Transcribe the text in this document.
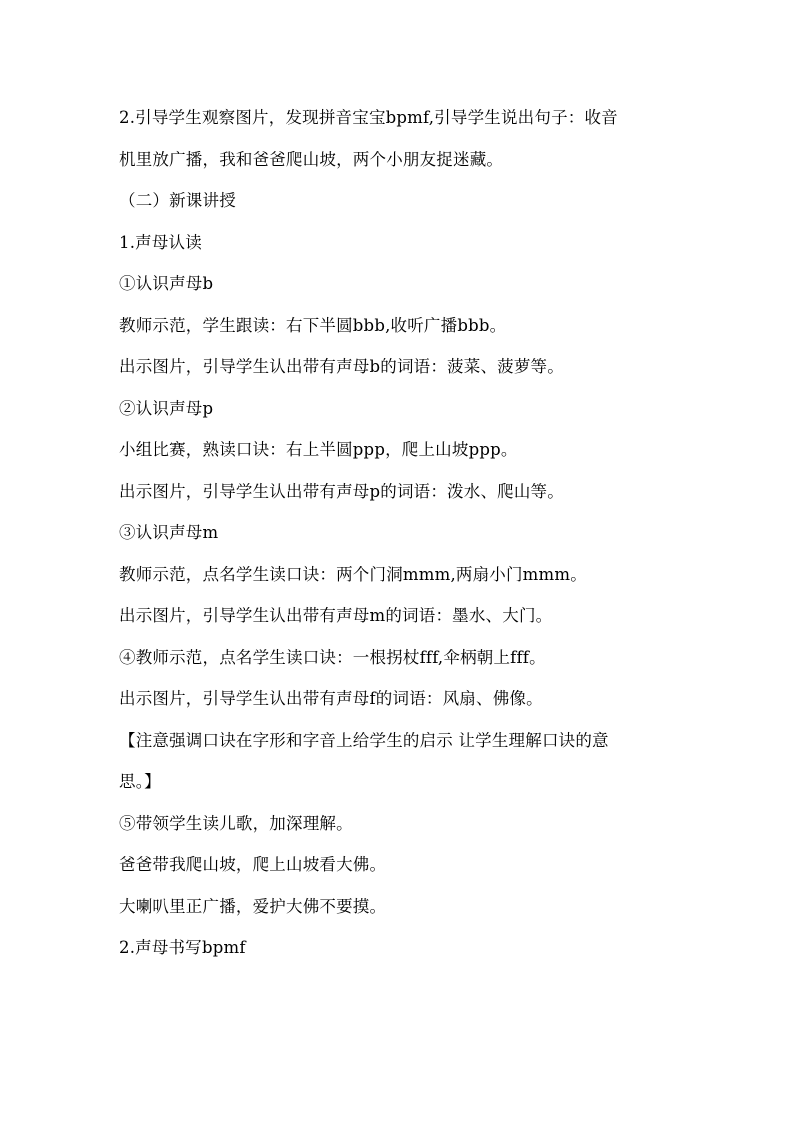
2.引导学生观察图片，发现拼音宝宝bpmf,引导学生说出句子：收音
机里放广播，我和爸爸爬山坡，两个小朋友捉迷藏。
（二）新课讲授
1.声母认读
①认识声母b
教师示范，学生跟读：右下半圆bbb,收听广播bbb。
出示图片，引导学生认出带有声母b的词语：菠菜、菠萝等。
②认识声母p
小组比赛，熟读口诀：右上半圆ppp，爬上山坡ppp。
出示图片，引导学生认出带有声母p的词语：泼水、爬山等。
③认识声母m
教师示范，点名学生读口诀：两个门洞mmm,两扇小门mmm。
出示图片，引导学生认出带有声母m的词语：墨水、大门。
④教师示范，点名学生读口诀：一根拐杖fff,伞柄朝上fff。
出示图片，引导学生认出带有声母f的词语：风扇、佛像。
【注意强调口诀在字形和字音上给学生的启示 让学生理解口诀的意
思。】
⑤带领学生读儿歌，加深理解。
爸爸带我爬山坡，爬上山坡看大佛。
大喇叭里正广播，爱护大佛不要摸。
2.声母书写bpmf
